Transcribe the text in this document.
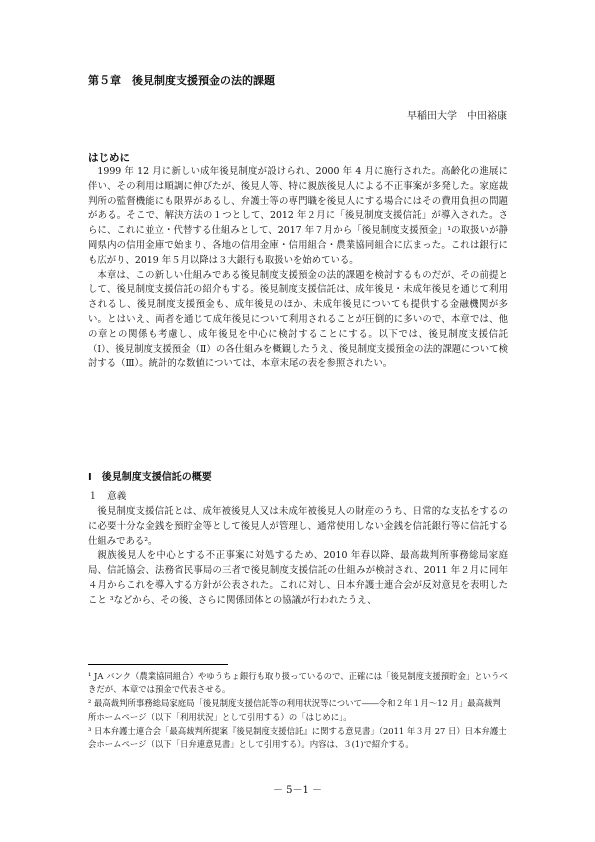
第５章　後見制度支援預金の法的課題
早稲田大学　中田裕康
はじめに

1999 年 12 月に新しい成年後見制度が設けられ、2000 年 4 月に施行された。高齢化の進展に伴い、その利用は順調に伸びたが、後見人等、特に親族後見人による不正事案が多発した。家庭裁判所の監督機能にも限界があるし、弁護士等の専門職を後見人にする場合にはその費用負担の問題がある。そこで、解決方法の１つとして、2012 年２月に「後見制度支援信託」が導入された。さらに、これに並立・代替する仕組みとして、2017 年７月から「後見制度支援預金」¹の取扱いが静岡県内の信用金庫で始まり、各地の信用金庫・信用組合・農業協同組合に広まった。これは銀行にも広がり、2019 年５月以降は３大銀行も取扱いを始めている。

本章は、この新しい仕組みである後見制度支援預金の法的課題を検討するものだが、その前提として、後見制度支援信託の紹介もする。後見制度支援信託は、成年後見・未成年後見を通じて利用されるし、後見制度支援預金も、成年後見のほか、未成年後見についても提供する金融機関が多い。とはいえ、両者を通じて成年後見について利用されることが圧倒的に多いので、本章では、他の章との関係も考慮し、成年後見を中心に検討することにする。以下では、後見制度支援信託（Ⅰ）、後見制度支援預金（Ⅱ）の各仕組みを概観したうえ、後見制度支援預金の法的課題について検討する（Ⅲ）。統計的な数値については、本章末尾の表を参照されたい。

Ⅰ　後見制度支援信託の概要
１　意義

後見制度支援信託とは、成年被後見人又は未成年被後見人の財産のうち、日常的な支払をするのに必要十分な金銭を預貯金等として後見人が管理し、通常使用しない金銭を信託銀行等に信託する仕組みである²。

親族後見人を中心とする不正事案に対処するため、2010 年春以降、最高裁判所事務総局家庭局、信託協会、法務省民事局の三者で後見制度支援信託の仕組みが検討され、2011 年２月に同年４月からこれを導入する方針が公表された。これに対し、日本弁護士連合会が反対意見を表明したこと ³などから、その後、さらに関係団体との協議が行われたうえ、

¹ JA バンク（農業協同組合）やゆうちょ銀行も取り扱っているので、正確には「後見制度支援預貯金」というべきだが、本章では預金で代表させる。

² 最高裁判所事務総局家庭局「後見制度支援信託等の利用状況等について――令和２年１月～12 月」最高裁判所ホームページ（以下「利用状況」として引用する）の「はじめに」。

³ 日本弁護士連合会「最高裁判所提案『後見制度支援信託』に関する意見書」（2011 年３月 27 日）日本弁護士会ホームページ（以下「日弁連意見書」として引用する）。内容は、３(1)で紹介する。

－ 5－1 －
